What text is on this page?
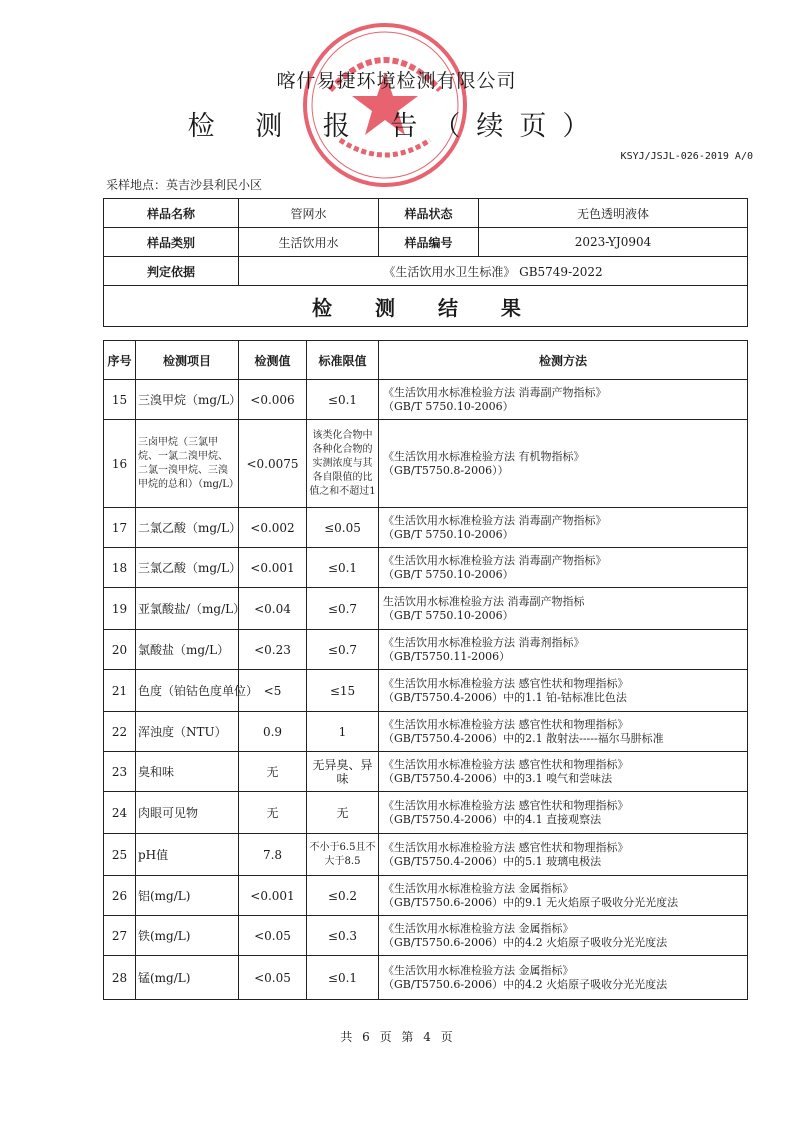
喀什易捷环境检测有限公司
检 测 报 告（续页）
KSYJ/JSJL-026-2019 A/0
采样地点：英吉沙县利民小区
样品名称	管网水	样品状态	无色透明液体
样品类别	生活饮用水	样品编号	2023-YJ0904
判定依据	《生活饮用水卫生标准》 GB5749-2022		
检 测 结 果			
序号	检测项目	检测值	标准限值	检测方法
15	三溴甲烷（mg/L）	<0.006	≤0.1	《生活饮用水标准检验方法 消毒副产物指标》
（GB/T 5750.10-2006）

16	三卤甲烷（三氯甲烷、一氯二溴甲烷、二氯一溴甲烷、三溴甲烷的总和）（mg/L）	<0.0075	该类化合物中各种化合物的实测浓度与其各自限值的比值之和不超过1	《生活饮用水标准检验方法 有机物指标》
（GB/T5750.8-2006））

17	二氯乙酸（mg/L）	<0.002	≤0.05	《生活饮用水标准检验方法 消毒副产物指标》
（GB/T 5750.10-2006）

18	三氯乙酸（mg/L）	<0.001	≤0.1	《生活饮用水标准检验方法 消毒副产物指标》
（GB/T 5750.10-2006）

19	亚氯酸盐/（mg/L）	<0.04	≤0.7	生活饮用水标准检验方法 消毒副产物指标
（GB/T 5750.10-2006）

20	氯酸盐（mg/L）	<0.23	≤0.7	《生活饮用水标准检验方法 消毒剂指标》
（GB/T5750.11-2006）

21	色度（铂钴色度单位）	<5	≤15	《生活饮用水标准检验方法 感官性状和物理指标》
（GB/T5750.4-2006）中的1.1 铂-钴标准比色法

22	浑浊度（NTU）	0.9	1	《生活饮用水标准检验方法 感官性状和物理指标》
（GB/T5750.4-2006）中的2.1 散射法-----福尔马肼标准

23	臭和味	无	无异臭、异味	《生活饮用水标准检验方法 感官性状和物理指标》
（GB/T5750.4-2006）中的3.1 嗅气和尝味法

24	肉眼可见物	无	无	《生活饮用水标准检验方法 感官性状和物理指标》
（GB/T5750.4-2006）中的4.1 直接观察法

25	pH值	7.8	不小于6.5且不大于8.5	《生活饮用水标准检验方法 感官性状和物理指标》
（GB/T5750.4-2006）中的5.1 玻璃电极法

26	铝(mg/L)	<0.001	≤0.2	《生活饮用水标准检验方法 金属指标》
（GB/T5750.6-2006）中的9.1 无火焰原子吸收分光光度法

27	铁(mg/L)	<0.05	≤0.3	《生活饮用水标准检验方法 金属指标》
（GB/T5750.6-2006）中的4.2 火焰原子吸收分光光度法

28	锰(mg/L)	<0.05	≤0.1	《生活饮用水标准检验方法 金属指标》
（GB/T5750.6-2006）中的4.2 火焰原子吸收分光光度法
共 6 页 第 4 页
